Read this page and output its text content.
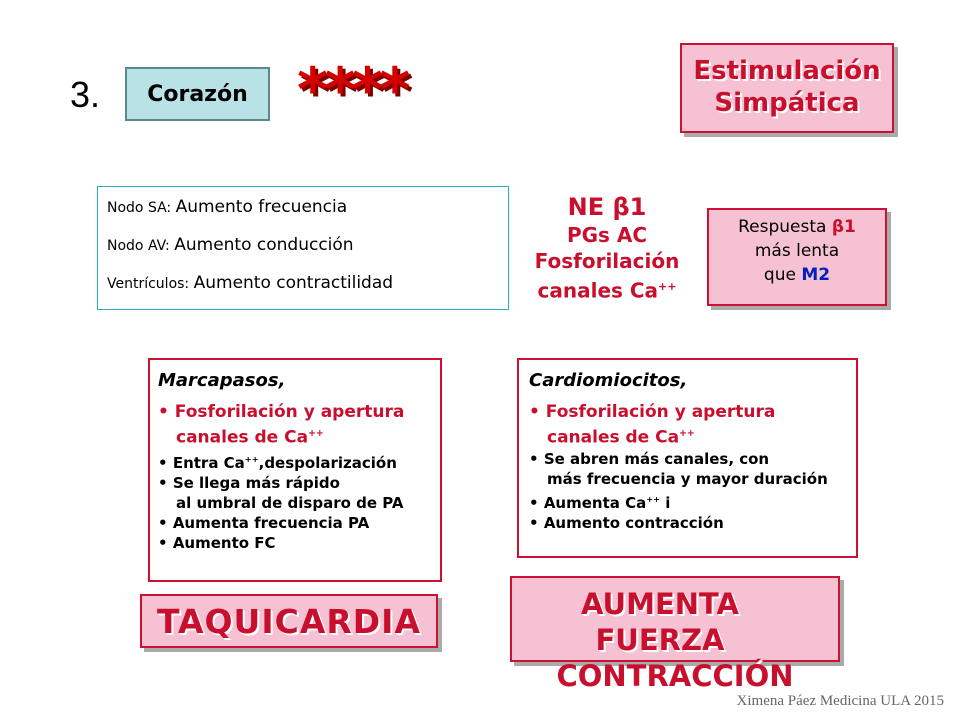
3.	Corazón ****	Estimulación
Simpática
Nodo SA: Aumento frecuencia
Nodo AV: Aumento conducción
Ventrículos: Aumento contractilidad
NE β1
PGs AC
Fosforilación
canales Ca++
Respuesta β1
más lenta
que M2
Marcapasos,
• Fosforilación y apertura
canales de Ca++
• Entra Ca++,despolarización
• Se llega más rápido
al umbral de disparo de PA
• Aumenta frecuencia PA
• Aumento FC
Cardiomiocitos,
• Fosforilación y apertura
canales de Ca++
• Se abren más canales, con
más frecuencia y mayor duración
• Aumenta Ca++ i
• Aumento contracción
TAQUICARDIA	AUMENTA FUERZA
CONTRACCIÓN
Ximena Páez Medicina ULA 2015
